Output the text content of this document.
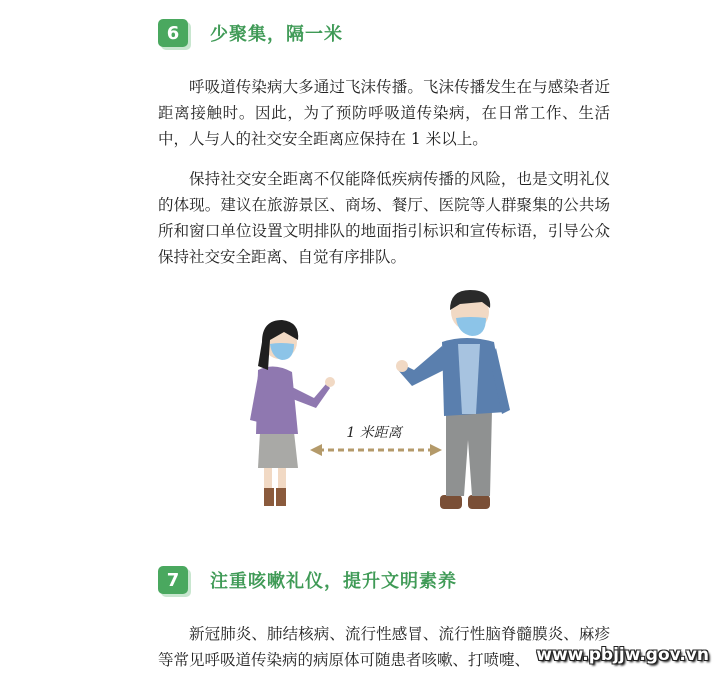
6	少聚集，隔一米

呼吸道传染病大多通过飞沫传播。飞沫传播发生在与感染者近距离接触时。因此，为了预防呼吸道传染病，在日常工作、生活中，人与人的社交安全距离应保持在 1 米以上。

保持社交安全距离不仅能降低疾病传播的风险，也是文明礼仪的体现。建议在旅游景区、商场、餐厅、医院等人群聚集的公共场所和窗口单位设置文明排队的地面指引标识和宣传标语，引导公众保持社交安全距离、自觉有序排队。

1 米距离
7	注重咳嗽礼仪，提升文明素养

新冠肺炎、肺结核病、流行性感冒、流行性脑脊髓膜炎、麻疹等常见呼吸道传染病的病原体可随患者咳嗽、打喷嚏、 www.pbjjw.gov.vn
